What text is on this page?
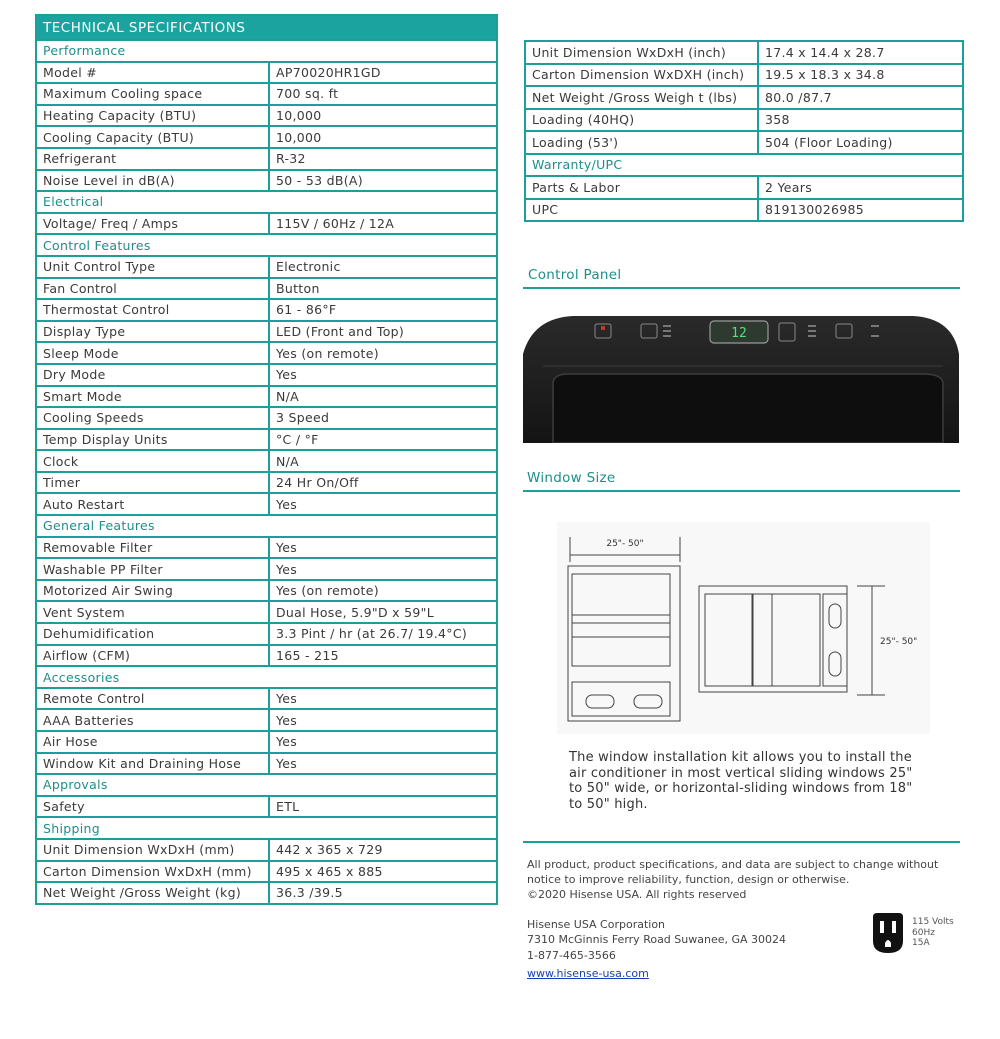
TECHNICAL SPECIFICATIONS	
Performance	
Model #	AP70020HR1GD
Maximum Cooling space	700 sq. ft
Heating Capacity (BTU)	10,000
Cooling Capacity (BTU)	10,000
Refrigerant	R-32
Noise Level in dB(A)	50 - 53 dB(A)
Electrical	
Voltage/ Freq / Amps	115V / 60Hz / 12A
Control Features	
Unit Control Type	Electronic
Fan Control	Button
Thermostat Control	61 - 86°F
Display Type	LED (Front and Top)
Sleep Mode	Yes (on remote)
Dry Mode	Yes
Smart Mode	N/A
Cooling Speeds	3 Speed
Temp Display Units	°C / °F
Clock	N/A
Timer	24 Hr On/Off
Auto Restart	Yes
General Features	
Removable Filter	Yes
Washable PP Filter	Yes
Motorized Air Swing	Yes (on remote)
Vent System	Dual Hose, 5.9"D x 59"L
Dehumidification	3.3 Pint / hr (at 26.7/ 19.4°C)
Airflow (CFM)	165 - 215
Accessories	
Remote Control	Yes
AAA Batteries	Yes
Air Hose	Yes
Window Kit and Draining Hose	Yes
Approvals	
Safety	ETL
Shipping	
Unit Dimension WxDxH (mm)	442 x 365 x 729
Carton Dimension WxDxH (mm)	495 x 465 x 885
Net Weight /Gross Weight (kg)	36.3 /39.5
Unit Dimension WxDxH (inch)	17.4 x 14.4 x 28.7
Carton Dimension WxDXH (inch)	19.5 x 18.3 x 34.8
Net Weight /Gross Weigh t (lbs)	80.0 /87.7
Loading (40HQ)	358
Loading (53')	504 (Floor Loading)
Warranty/UPC	
Parts & Labor	2 Years
UPC	819130026985
Control Panel
12
Window Size
25"- 50"
25"- 50"
The window installation kit allows you to install the air conditioner in most vertical sliding windows 25" to 50" wide, or horizontal-sliding windows from 18" to 50" high.
All product, product specifications, and data are subject to change without
notice to improve reliability, function, design or otherwise.
©2020 Hisense USA. All rights reserved
Hisense USA Corporation
7310 McGinnis Ferry Road Suwanee, GA 30024
1-877-465-3566
www.hisense-usa.com
115 Volts
60Hz
15A
